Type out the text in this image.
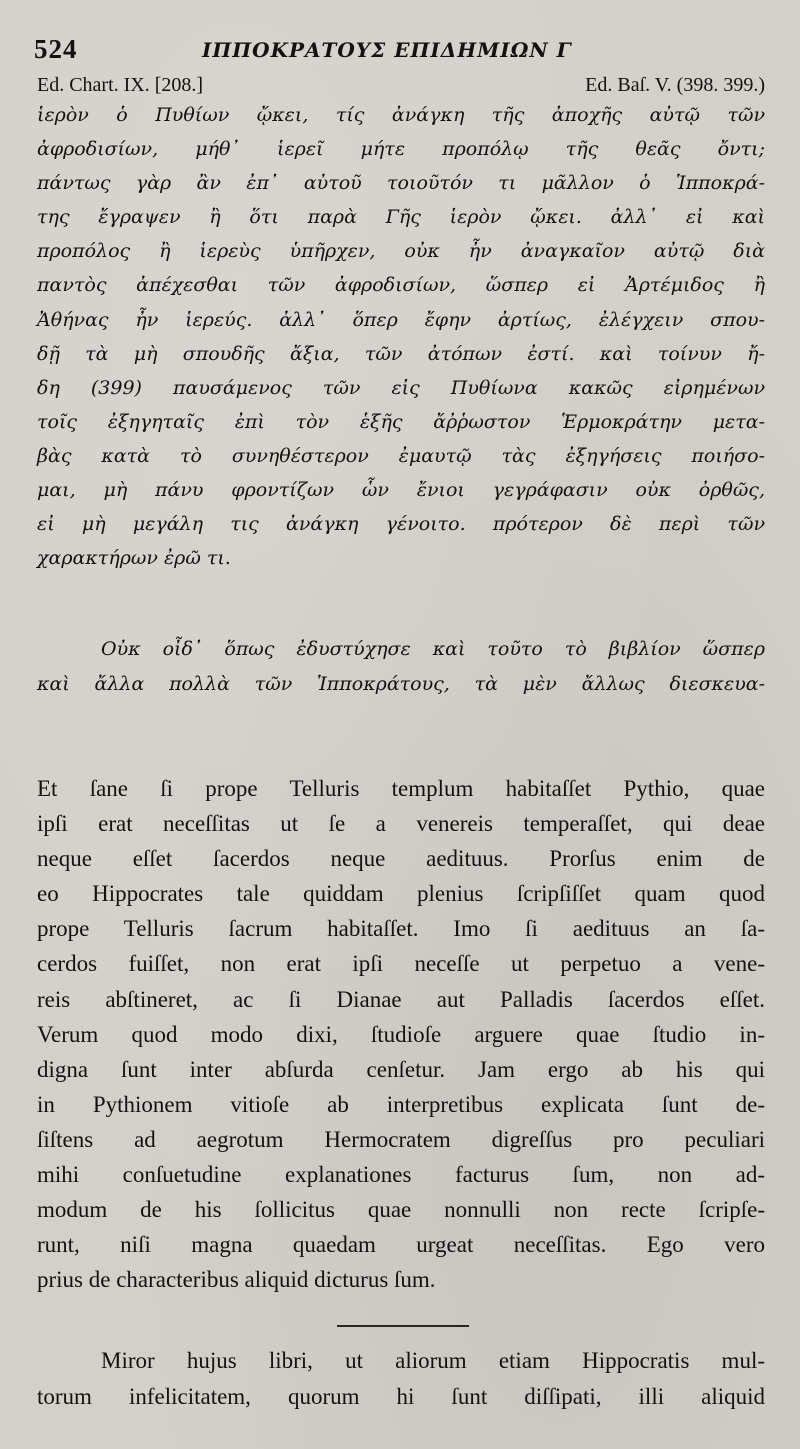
524	ΙΠΠΟΚΡΑΤΟΥΣ ΕΠΙΔΗΜΙΩΝ Γ
Ed. Chart. IX. [208.]	Ed. Baſ. V. (398. 399.)
ἱερὸν ὁ Πυθίων ᾤκει, τίς ἀνάγκη τῆς ἀποχῆς αὐτῷ τῶν
ἀφροδισίων, μήθ᾽ ἱερεῖ μήτε προπόλῳ τῆς θεᾶς ὄντι;
πάντως γὰρ ἂν ἐπ᾽ αὐτοῦ τοιοῦτόν τι μᾶλλον ὁ Ἱπποκρά-
της ἔγραψεν ἢ ὅτι παρὰ Γῆς ἱερὸν ᾤκει. ἀλλ᾽ εἰ καὶ
προπόλος ἢ ἱερεὺς ὑπῆρχεν, οὐκ ἦν ἀναγκαῖον αὐτῷ διὰ
παντὸς ἀπέχεσθαι τῶν ἀφροδισίων, ὥσπερ εἰ Ἀρτέμιδος ἢ
Ἀθήνας ἦν ἱερεύς. ἀλλ᾽ ὅπερ ἔφην ἀρτίως, ἐλέγχειν σπου-
δῇ τὰ μὴ σπουδῆς ἄξια, τῶν ἀτόπων ἐστί. καὶ τοίνυν ἤ-
δη (399) παυσάμενος τῶν εἰς Πυθίωνα κακῶς εἰρημένων
τοῖς ἐξηγηταῖς ἐπὶ τὸν ἑξῆς ἄῤῥωστον Ἑρμοκράτην μετα-
βὰς κατὰ τὸ συνηθέστερον ἐμαυτῷ τὰς ἐξηγήσεις ποιήσο-
μαι, μὴ πάνυ φροντίζων ὧν ἔνιοι γεγράφασιν οὐκ ὀρθῶς,
εἰ μὴ μεγάλη τις ἀνάγκη γένοιτο. πρότερον δὲ περὶ τῶν
χαρακτήρων ἐρῶ τι.
Οὐκ οἶδ᾽ ὅπως ἐδυστύχησε καὶ τοῦτο τὸ βιβλίον ὥσπερ
καὶ ἄλλα πολλὰ τῶν Ἱπποκράτους, τὰ μὲν ἄλλως διεσκευα-
Et ſane ſi prope Telluris templum habitaſſet Pythio, quae
ipſi erat neceſſitas ut ſe a venereis temperaſſet, qui deae
neque eſſet ſacerdos neque aedituus. Prorſus enim de
eo Hippocrates tale quiddam plenius ſcripſiſſet quam quod
prope Telluris ſacrum habitaſſet. Imo ſi aedituus an ſa-
cerdos fuiſſet, non erat ipſi neceſſe ut perpetuo a vene-
reis abſtineret, ac ſi Dianae aut Palladis ſacerdos eſſet.
Verum quod modo dixi, ſtudioſe arguere quae ſtudio in-
digna ſunt inter abſurda cenſetur. Jam ergo ab his qui
in Pythionem vitioſe ab interpretibus explicata ſunt de-
ſiſtens ad aegrotum Hermocratem digreſſus pro peculiari
mihi conſuetudine explanationes facturus ſum, non ad-
modum de his ſollicitus quae nonnulli non recte ſcripſe-
runt, niſi magna quaedam urgeat neceſſitas. Ego vero
prius de characteribus aliquid dicturus ſum.
Miror hujus libri, ut aliorum etiam Hippocratis mul-
torum infelicitatem, quorum hi ſunt diſſipati, illi aliquid
